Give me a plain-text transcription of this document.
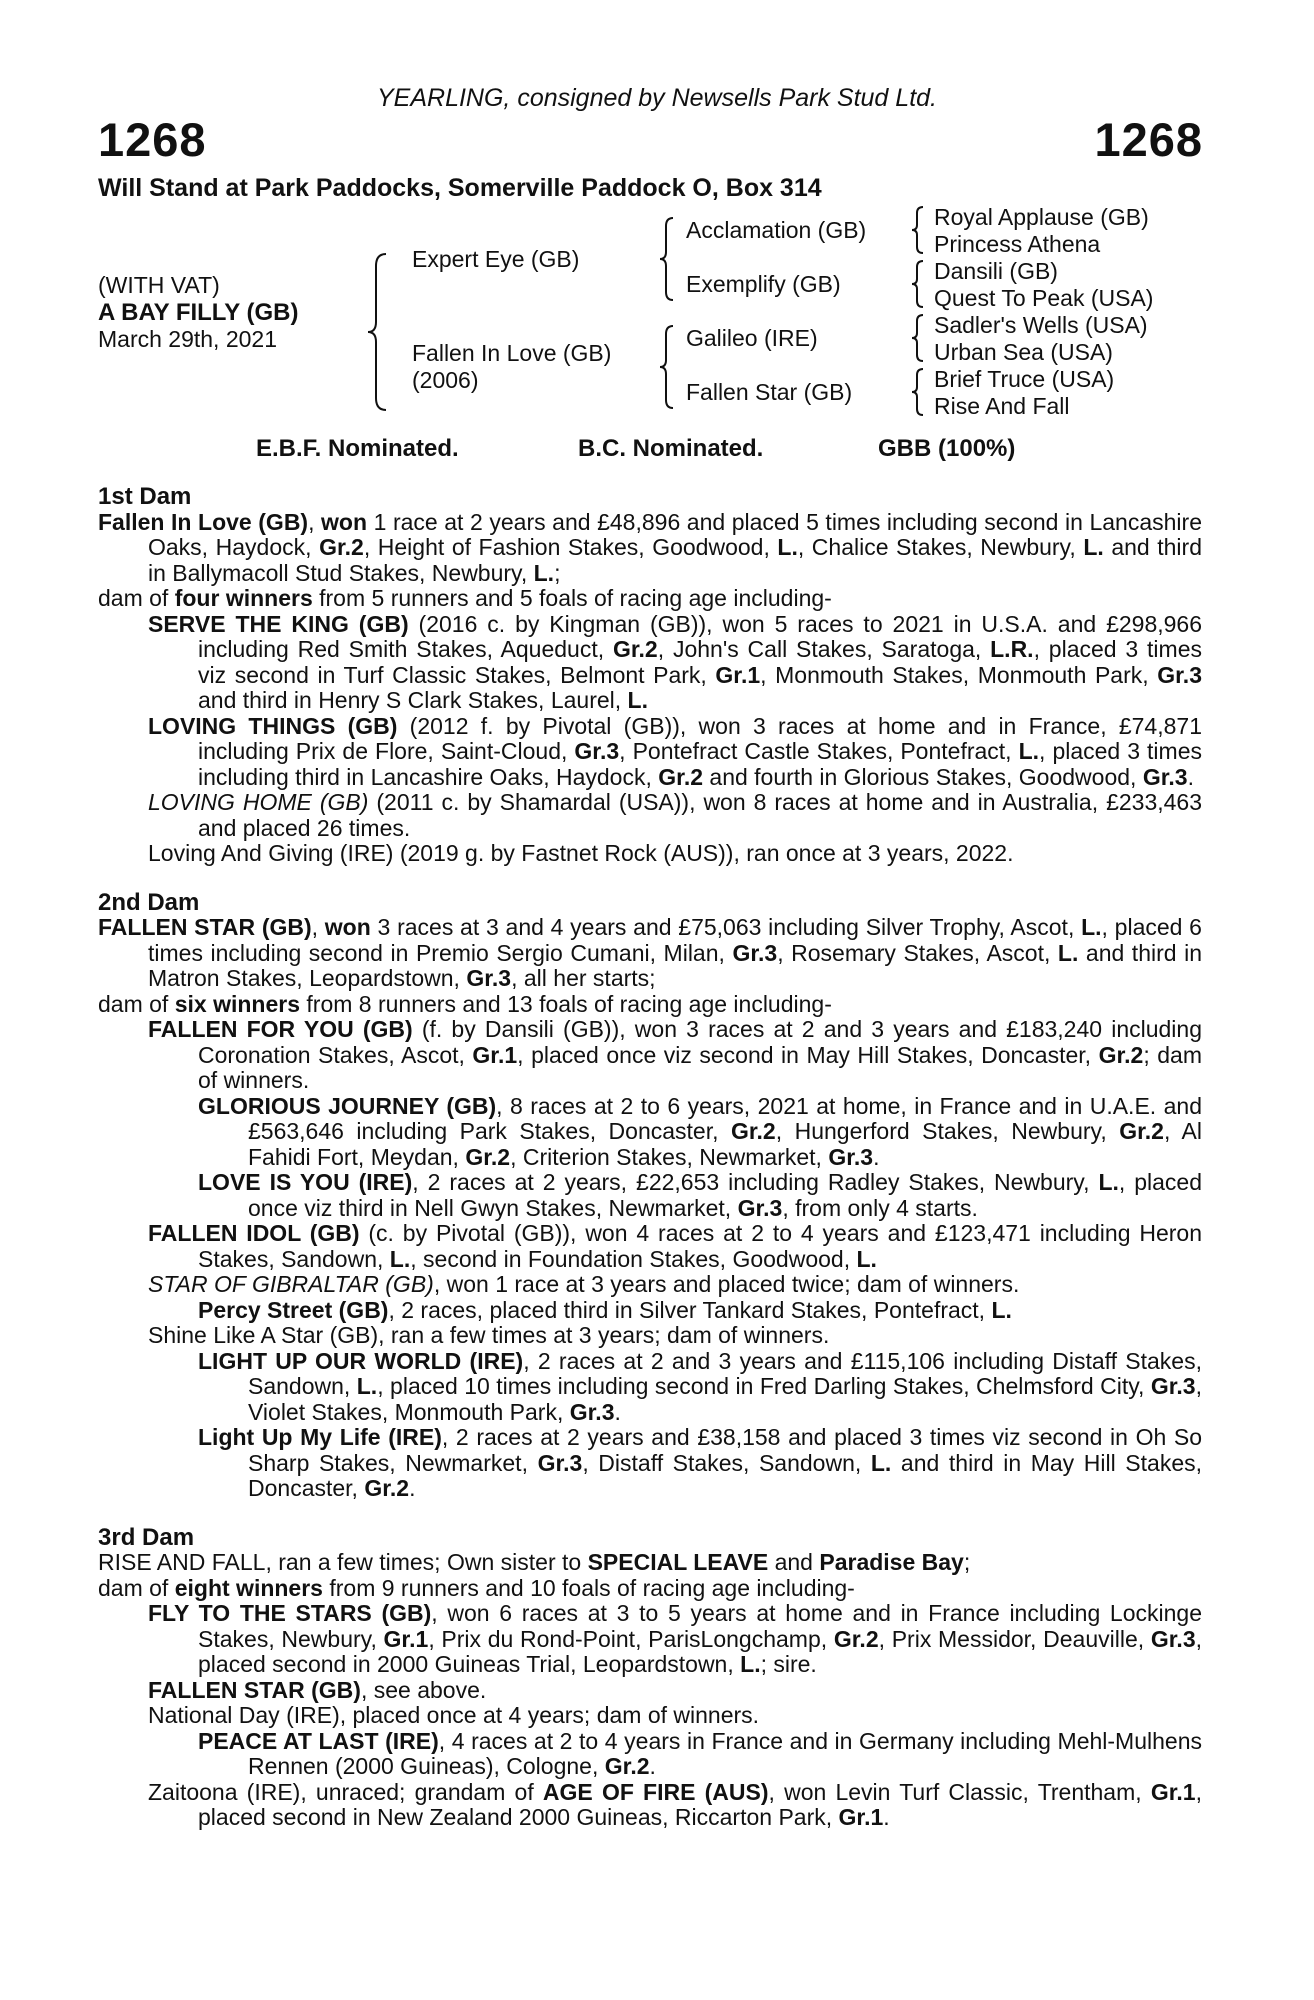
YEARLING, consigned by Newsells Park Stud Ltd.
1268	1268
Will Stand at Park Paddocks, Somerville Paddock O, Box 314
(WITH VAT)
A BAY FILLY (GB)
March 29th, 2021
Expert Eye (GB)
Fallen In Love (GB)
(2006)
Acclamation (GB)
Exemplify (GB)
Galileo (IRE)
Fallen Star (GB)
Royal Applause (GB)
Princess Athena
Dansili (GB)
Quest To Peak (USA)
Sadler's Wells (USA)
Urban Sea (USA)
Brief Truce (USA)
Rise And Fall
E.B.F. Nominated.	B.C. Nominated.	GBB (100%)
1st Dam

Fallen In Love (GB), won 1 race at 2 years and £48,896 and placed 5 times including second in Lancashire Oaks, Haydock, Gr.2, Height of Fashion Stakes, Goodwood, L., Chalice Stakes, Newbury, L. and third in Ballymacoll Stud Stakes, Newbury, L.;

dam of four winners from 5 runners and 5 foals of racing age including-

SERVE THE KING (GB) (2016 c. by Kingman (GB)), won 5 races to 2021 in U.S.A. and £298,966 including Red Smith Stakes, Aqueduct, Gr.2, John's Call Stakes, Saratoga, L.R., placed 3 times viz second in Turf Classic Stakes, Belmont Park, Gr.1, Monmouth Stakes, Monmouth Park, Gr.3 and third in Henry S Clark Stakes, Laurel, L.

LOVING THINGS (GB) (2012 f. by Pivotal (GB)), won 3 races at home and in France, £74,871 including Prix de Flore, Saint-Cloud, Gr.3, Pontefract Castle Stakes, Pontefract, L., placed 3 times including third in Lancashire Oaks, Haydock, Gr.2 and fourth in Glorious Stakes, Goodwood, Gr.3.

LOVING HOME (GB) (2011 c. by Shamardal (USA)), won 8 races at home and in Australia, £233,463 and placed 26 times.

Loving And Giving (IRE) (2019 g. by Fastnet Rock (AUS)), ran once at 3 years, 2022.

2nd Dam

FALLEN STAR (GB), won 3 races at 3 and 4 years and £75,063 including Silver Trophy, Ascot, L., placed 6 times including second in Premio Sergio Cumani, Milan, Gr.3, Rosemary Stakes, Ascot, L. and third in Matron Stakes, Leopardstown, Gr.3, all her starts;

dam of six winners from 8 runners and 13 foals of racing age including-

FALLEN FOR YOU (GB) (f. by Dansili (GB)), won 3 races at 2 and 3 years and £183,240 including Coronation Stakes, Ascot, Gr.1, placed once viz second in May Hill Stakes, Doncaster, Gr.2; dam of winners.

GLORIOUS JOURNEY (GB), 8 races at 2 to 6 years, 2021 at home, in France and in U.A.E. and £563,646 including Park Stakes, Doncaster, Gr.2, Hungerford Stakes, Newbury, Gr.2, Al Fahidi Fort, Meydan, Gr.2, Criterion Stakes, Newmarket, Gr.3.

LOVE IS YOU (IRE), 2 races at 2 years, £22,653 including Radley Stakes, Newbury, L., placed once viz third in Nell Gwyn Stakes, Newmarket, Gr.3, from only 4 starts.

FALLEN IDOL (GB) (c. by Pivotal (GB)), won 4 races at 2 to 4 years and £123,471 including Heron Stakes, Sandown, L., second in Foundation Stakes, Goodwood, L.

STAR OF GIBRALTAR (GB), won 1 race at 3 years and placed twice; dam of winners.

Percy Street (GB), 2 races, placed third in Silver Tankard Stakes, Pontefract, L.

Shine Like A Star (GB), ran a few times at 3 years; dam of winners.

LIGHT UP OUR WORLD (IRE), 2 races at 2 and 3 years and £115,106 including Distaff Stakes, Sandown, L., placed 10 times including second in Fred Darling Stakes, Chelmsford City, Gr.3, Violet Stakes, Monmouth Park, Gr.3.

Light Up My Life (IRE), 2 races at 2 years and £38,158 and placed 3 times viz second in Oh So Sharp Stakes, Newmarket, Gr.3, Distaff Stakes, Sandown, L. and third in May Hill Stakes, Doncaster, Gr.2.

3rd Dam

RISE AND FALL, ran a few times; Own sister to SPECIAL LEAVE and Paradise Bay;

dam of eight winners from 9 runners and 10 foals of racing age including-

FLY TO THE STARS (GB), won 6 races at 3 to 5 years at home and in France including Lockinge Stakes, Newbury, Gr.1, Prix du Rond-Point, ParisLongchamp, Gr.2, Prix Messidor, Deauville, Gr.3, placed second in 2000 Guineas Trial, Leopardstown, L.; sire.

FALLEN STAR (GB), see above.

National Day (IRE), placed once at 4 years; dam of winners.

PEACE AT LAST (IRE), 4 races at 2 to 4 years in France and in Germany including Mehl-Mulhens Rennen (2000 Guineas), Cologne, Gr.2.

Zaitoona (IRE), unraced; grandam of AGE OF FIRE (AUS), won Levin Turf Classic, Trentham, Gr.1, placed second in New Zealand 2000 Guineas, Riccarton Park, Gr.1.
